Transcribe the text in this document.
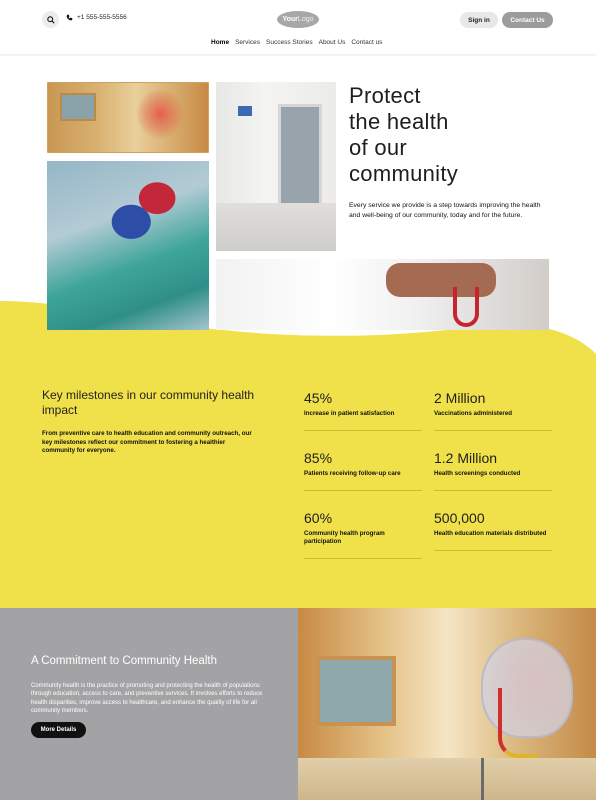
+1 555-555-5556	Your Logo	Sign in	Contact Us
Home Services Success Stories About Us Contact us
Protect
the health
of our
community
Every service we provide is a step towards improving the health and well-being of our community, today and for the future.
Key milestones in our community health impact
From preventive care to health education and community outreach, our key milestones reflect our commitment to fostering a healthier community for everyone.
45%
Increase in patient satisfaction
2 Million
Vaccinations administered
85%
Patients receiving follow-up care
1.2 Million
Health screenings conducted
60%
Community health program participation
500,000
Health education materials distributed
A Commitment to Community Health
Community health is the practice of promoting and protecting the health of populations through education, access to care, and preventive services. It involves efforts to reduce health disparities, improve access to healthcare, and enhance the quality of life for all community members.
More Details
